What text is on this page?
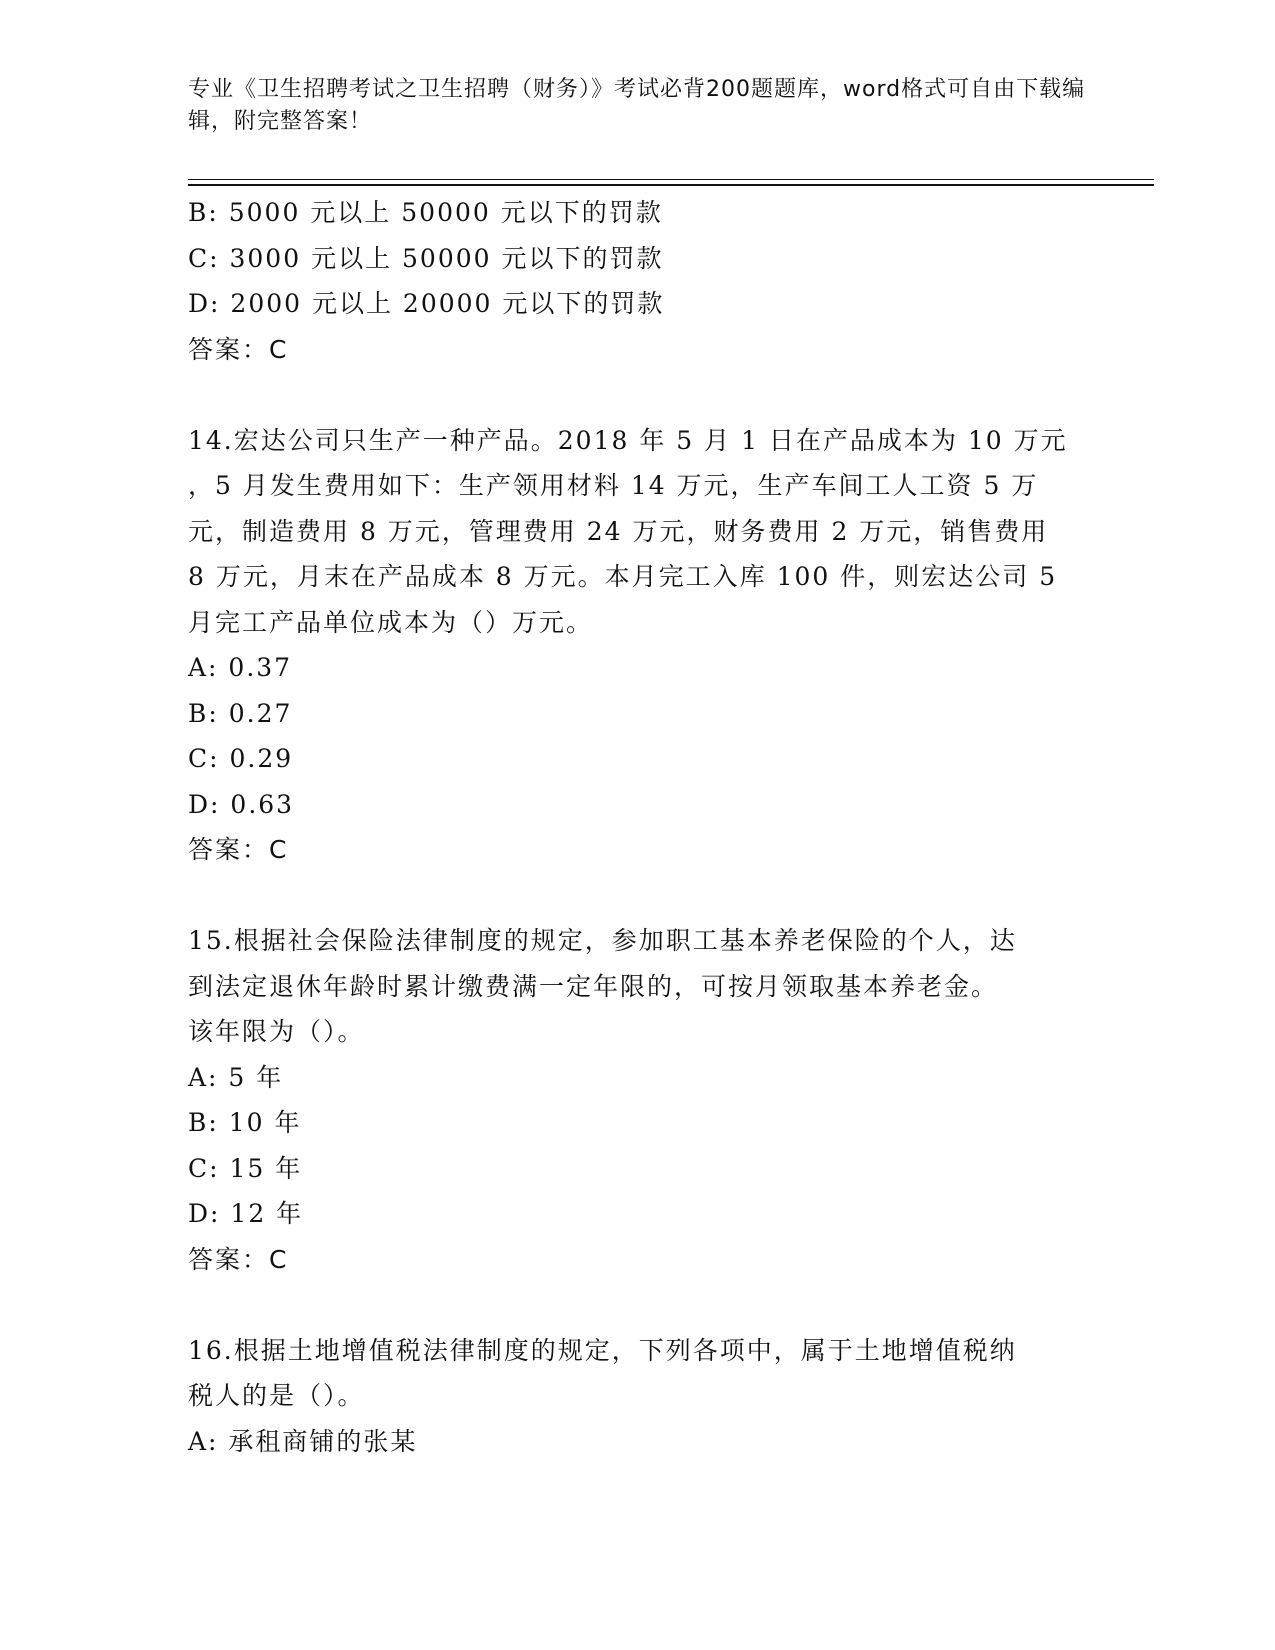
专业《卫生招聘考试之卫生招聘（财务）》考试必背200题题库，word格式可自由下载编辑，附完整答案！
B: 5000 元以上 50000 元以下的罚款
C: 3000 元以上 50000 元以下的罚款
D: 2000 元以上 20000 元以下的罚款
答案：C
14.宏达公司只生产一种产品。2018 年 5 月 1 日在产品成本为 10 万元
，5 月发生费用如下：生产领用材料 14 万元，生产车间工人工资 5 万
元，制造费用 8 万元，管理费用 24 万元，财务费用 2 万元，销售费用
8 万元，月末在产品成本 8 万元。本月完工入库 100 件，则宏达公司 5
月完工产品单位成本为（）万元。
A: 0.37
B: 0.27
C: 0.29
D: 0.63
答案：C
15.根据社会保险法律制度的规定，参加职工基本养老保险的个人，达
到法定退休年龄时累计缴费满一定年限的，可按月领取基本养老金。
该年限为（）。
A: 5 年
B: 10 年
C: 15 年
D: 12 年
答案：C
16.根据土地增值税法律制度的规定，下列各项中，属于土地增值税纳
税人的是（）。
A: 承租商铺的张某
